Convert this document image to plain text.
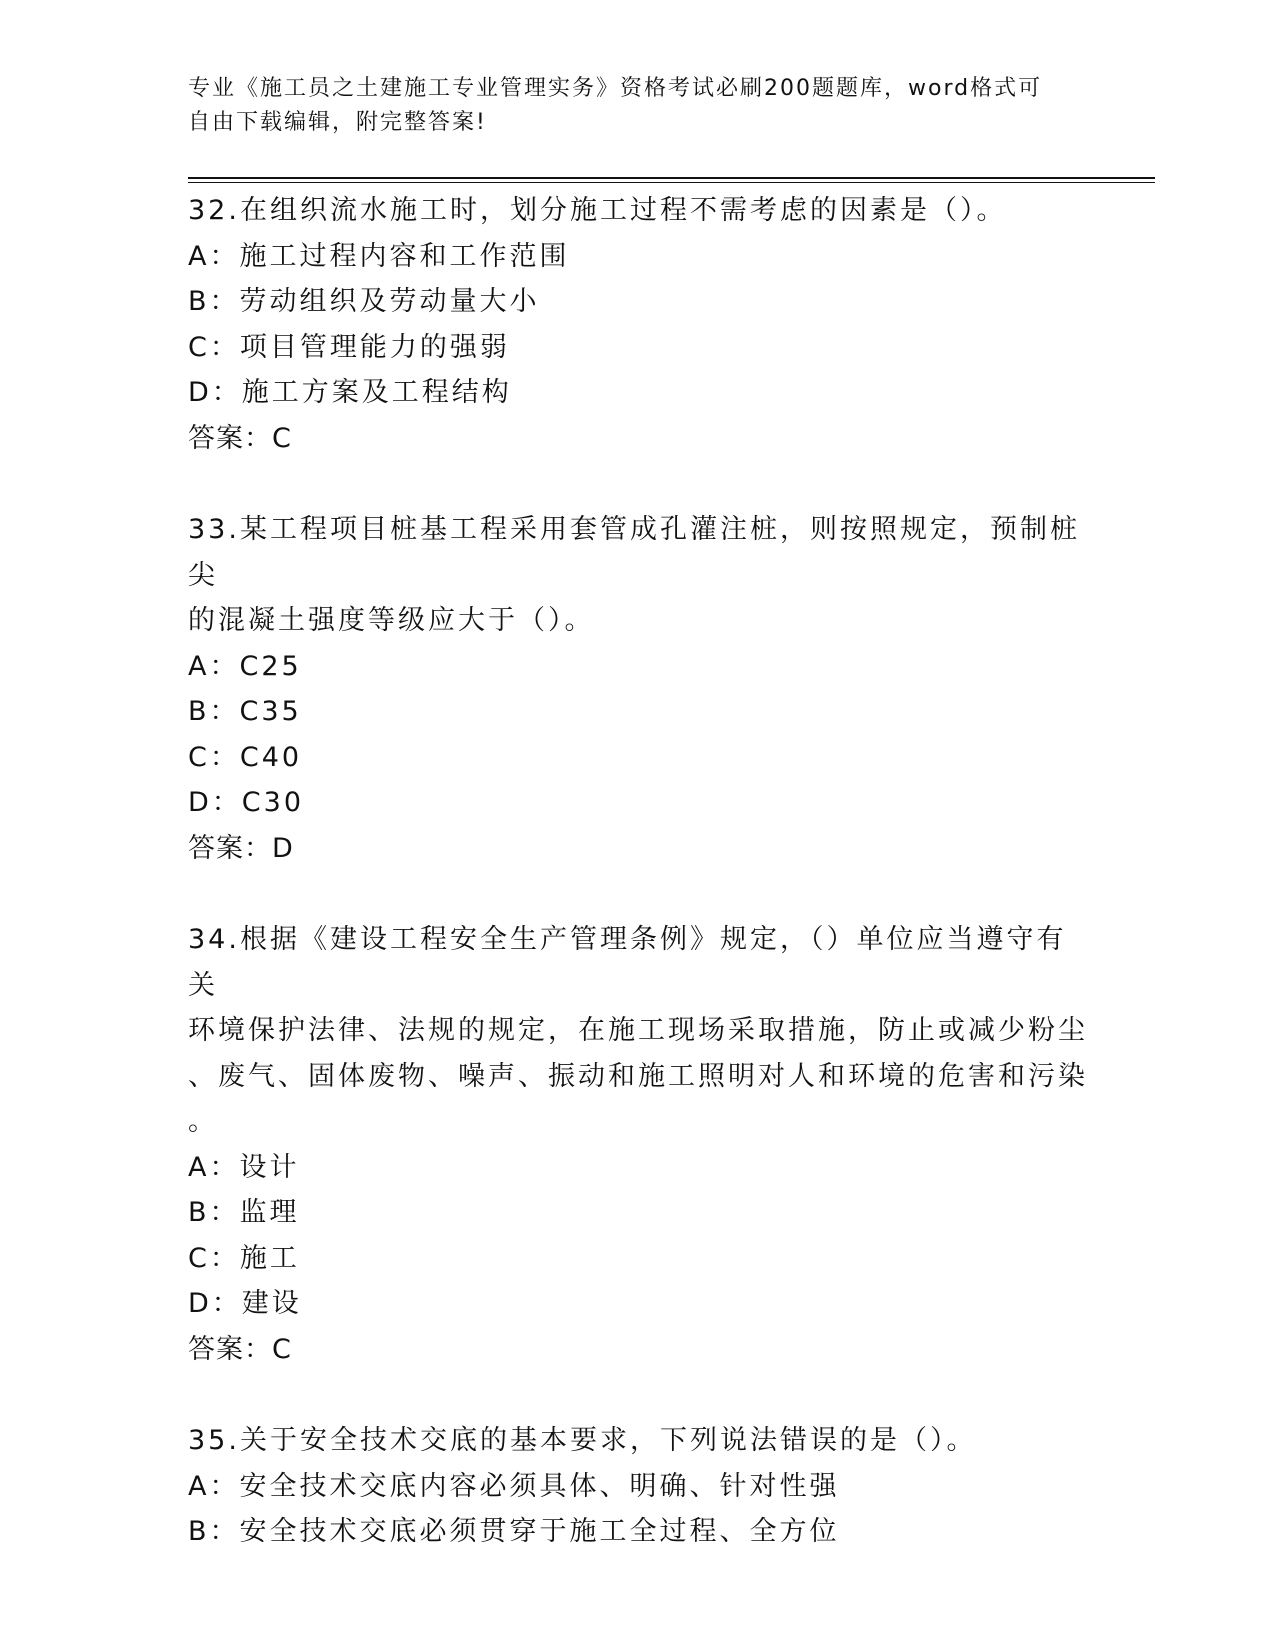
专业《施工员之土建施工专业管理实务》资格考试必刷200题题库，word格式可
自由下载编辑，附完整答案!
32.在组织流水施工时，划分施工过程不需考虑的因素是（）。
A：施工过程内容和工作范围
B：劳动组织及劳动量大小
C：项目管理能力的强弱
D：施工方案及工程结构
答案：C
33.某工程项目桩基工程采用套管成孔灌注桩，则按照规定，预制桩尖
的混凝土强度等级应大于（）。
A：C25
B：C35
C：C40
D：C30
答案：D
34.根据《建设工程安全生产管理条例》规定，（）单位应当遵守有关
环境保护法律、法规的规定，在施工现场采取措施，防止或减少粉尘
、废气、固体废物、噪声、振动和施工照明对人和环境的危害和污染
。
A：设计
B：监理
C：施工
D：建设
答案：C
35.关于安全技术交底的基本要求，下列说法错误的是（）。
A：安全技术交底内容必须具体、明确、针对性强
B：安全技术交底必须贯穿于施工全过程、全方位
